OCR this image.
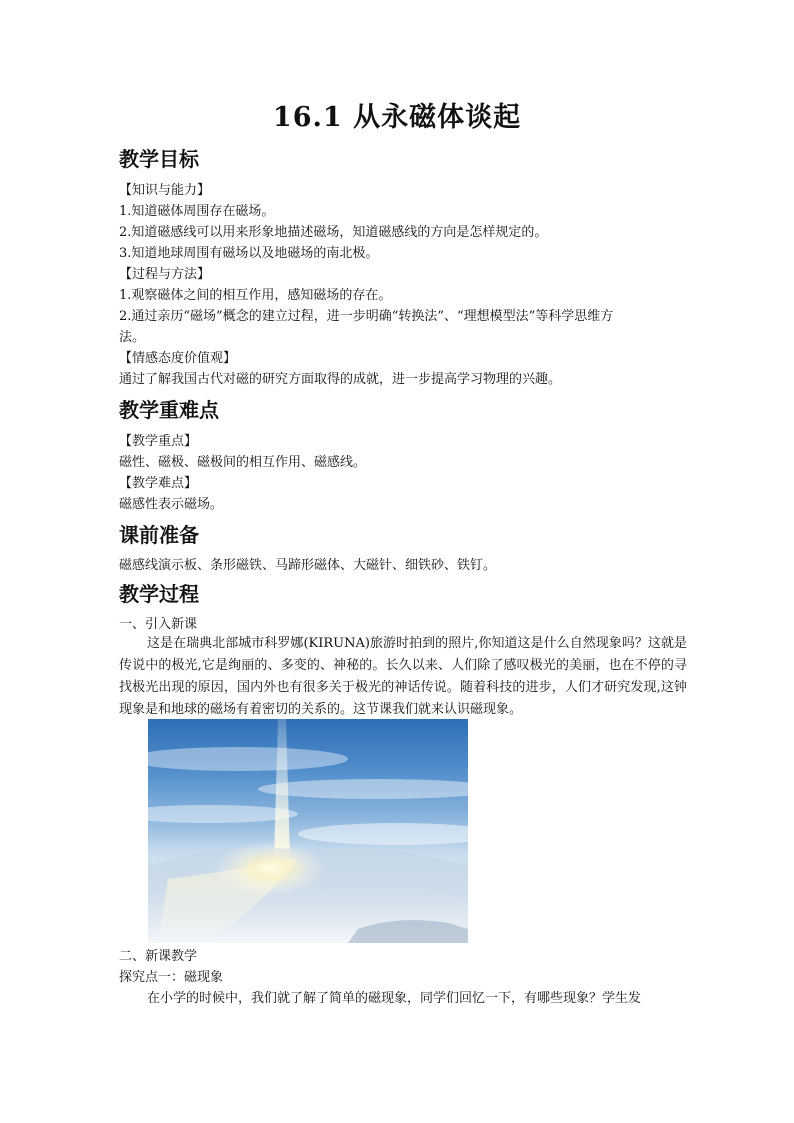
16.1 从永磁体谈起
教学目标
【知识与能力】
1.知道磁体周围存在磁场。
2.知道磁感线可以用来形象地描述磁场，知道磁感线的方向是怎样规定的。
3.知道地球周围有磁场以及地磁场的南北极。
【过程与方法】
1.观察磁体之间的相互作用，感知磁场的存在。
2.通过亲历“磁场”概念的建立过程，进一步明确“转换法”、“理想模型法”等科学思维方
法。
【情感态度价值观】
通过了解我国古代对磁的研究方面取得的成就，进一步提高学习物理的兴趣。
教学重难点
【教学重点】
磁性、磁极、磁极间的相互作用、磁感线。
【教学难点】
磁感性表示磁场。
课前准备
磁感线演示板、条形磁铁、马蹄形磁体、大磁针、细铁砂、铁钉。
教学过程
一、引入新课

这是在瑞典北部城市科罗娜(KIRUNA)旅游时拍到的照片,你知道这是什么自然现象吗？这就是传说中的极光,它是绚丽的、多变的、神秘的。长久以来、人们除了感叹极光的美丽，也在不停的寻找极光出现的原因，国内外也有很多关于极光的神话传说。随着科技的进步，人们才研究发现,这钟现象是和地球的磁场有着密切的关系的。这节课我们就来认识磁现象。

二、新课教学
探究点一：磁现象

在小学的时候中，我们就了解了简单的磁现象，同学们回忆一下，有哪些现象？学生发
